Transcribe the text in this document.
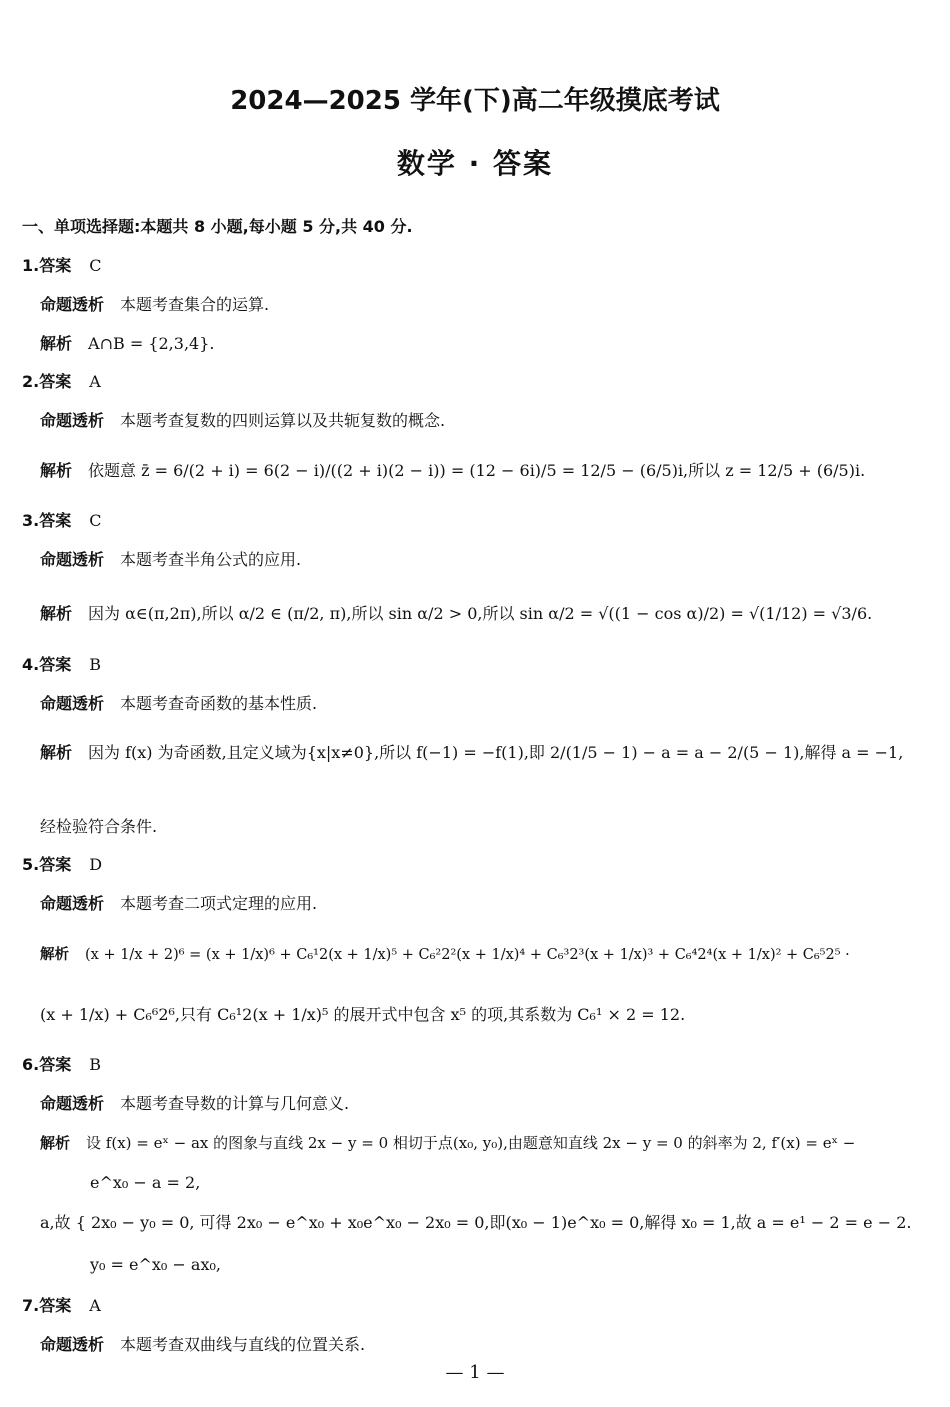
2024—2025 学年(下)高二年级摸底考试
数学 · 答案
一、单项选择题:本题共 8 小题,每小题 5 分,共 40 分.
1.答案 C
命题透析 本题考查集合的运算.
解析 A∩B = {2,3,4}.
2.答案 A
命题透析 本题考查复数的四则运算以及共轭复数的概念.
解析 依题意 z̄ = 6/(2 + i) = 6(2 − i)/((2 + i)(2 − i)) = (12 − 6i)/5 = 12/5 − (6/5)i,所以 z = 12/5 + (6/5)i.
3.答案 C
命题透析 本题考查半角公式的应用.
解析 因为 α∈(π,2π),所以 α/2 ∈ (π/2, π),所以 sin α/2 > 0,所以 sin α/2 = √((1 − cos α)/2) = √(1/12) = √3/6.
4.答案 B
命题透析 本题考查奇函数的基本性质.
解析 因为 f(x) 为奇函数,且定义域为{x|x≠0},所以 f(−1) = −f(1),即 2/(1/5 − 1) − a = a − 2/(5 − 1),解得 a = −1,
经检验符合条件.
5.答案 D
命题透析 本题考查二项式定理的应用.
解析 (x + 1/x + 2)⁶ = (x + 1/x)⁶ + C₆¹2(x + 1/x)⁵ + C₆²2²(x + 1/x)⁴ + C₆³2³(x + 1/x)³ + C₆⁴2⁴(x + 1/x)² + C₆⁵2⁵ ·
(x + 1/x) + C₆⁶2⁶,只有 C₆¹2(x + 1/x)⁵ 的展开式中包含 x⁵ 的项,其系数为 C₆¹ × 2 = 12.
6.答案 B
命题透析 本题考查导数的计算与几何意义.
解析 设 f(x) = eˣ − ax 的图象与直线 2x − y = 0 相切于点(x₀, y₀),由题意知直线 2x − y = 0 的斜率为 2, f′(x) = eˣ −
e^x₀ − a = 2,
a,故 { 2x₀ − y₀ = 0, 可得 2x₀ − e^x₀ + x₀e^x₀ − 2x₀ = 0,即(x₀ − 1)e^x₀ = 0,解得 x₀ = 1,故 a = e¹ − 2 = e − 2.
y₀ = e^x₀ − ax₀,
7.答案 A
命题透析 本题考查双曲线与直线的位置关系.
— 1 —
